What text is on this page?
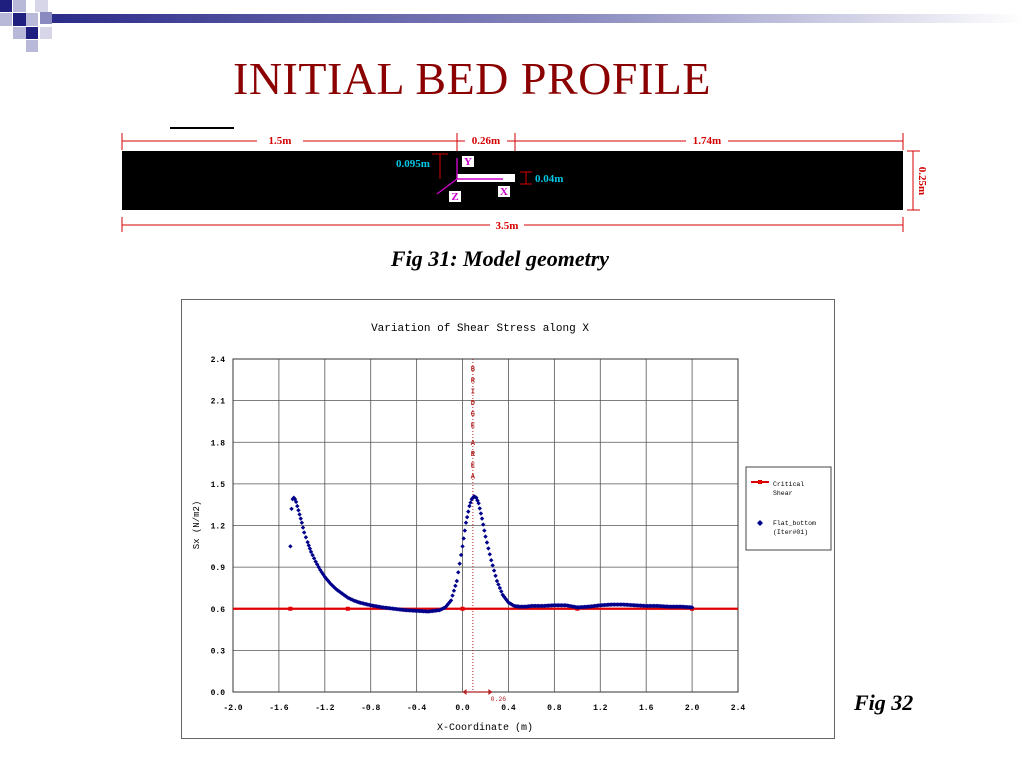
INITIAL BED PROFILE
1.5m	0.26m	1.74m
3.5m
0.25m
0.095m
0.04m
Y
X
Z
Fig 31: Model geometry
Variation of Shear Stress along X
B
R
I
D
G
E
A
R
E
A
0.26
-2.0	-1.6	-1.2	-0.8	-0.4	0.0	0.4	0.8	1.2	1.6	2.0	2.4
0.0
0.3
0.6
0.9
1.2
1.5
1.8
2.1
2.4
X-Coordinate (m)
Sx (N/m2)
Critical
Shear
Flat_bottom
(Iter#01)
Fig 32
